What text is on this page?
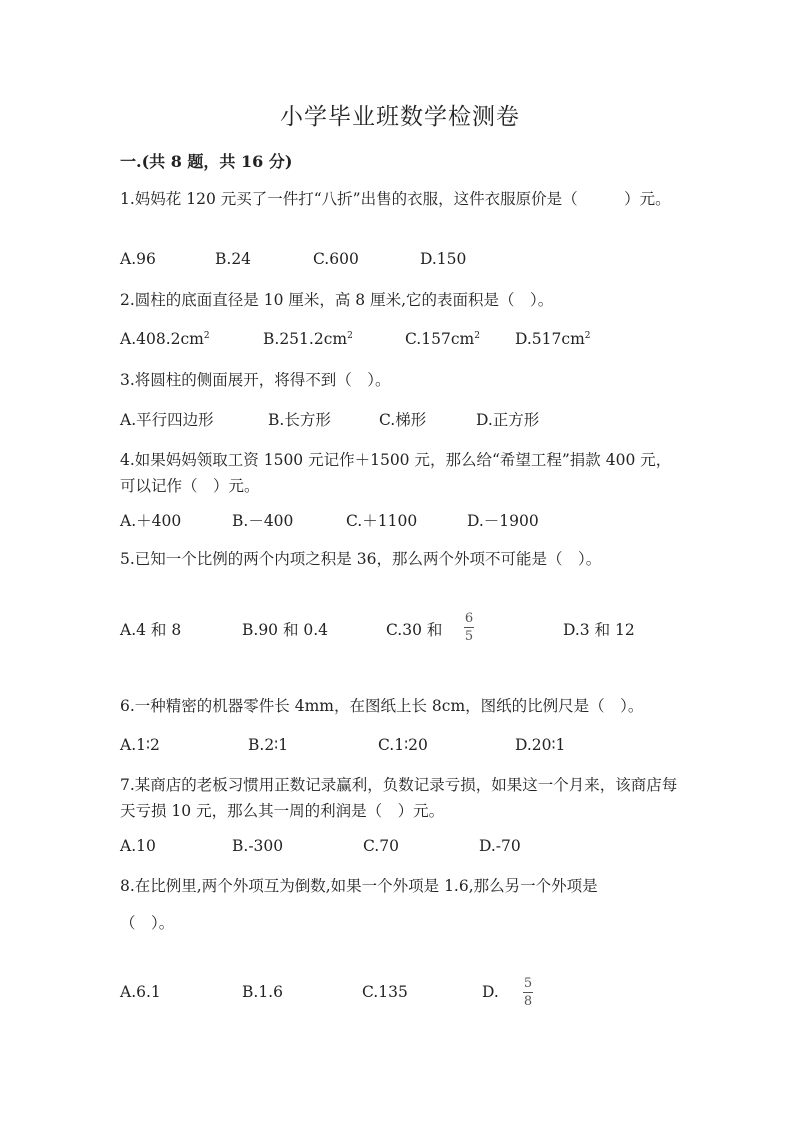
小学毕业班数学检测卷
一.(共 8 题，共 16 分)
1.妈妈花 120 元买了一件打“八折”出售的衣服，这件衣服原价是（　　　）元。
A.96	B.24	C.600	D.150
2.圆柱的底面直径是 10 厘米，高 8 厘米,它的表面积是（　）。
$A.408.2cm^2$	$B.251.2cm^2$	$C.157cm^2$ $D.517cm^2$
3.将圆柱的侧面展开，将得不到（　）。
A.平行四边形	B.长方形	C.梯形	D.正方形
4.如果妈妈领取工资 1500 元记作＋1500 元，那么给“希望工程”捐款 400 元，可以记作（　）元。
A.＋400	B.－400	C.＋1100	D.－1900
5.已知一个比例的两个内项之积是 36，那么两个外项不可能是（　）。
A.4 和 8	B.90 和 0.4	C.30 和
6
5	D.3 和 12
6.一种精密的机器零件长 4mm，在图纸上长 8cm，图纸的比例尺是（　）。
A.1∶2	B.2∶1	C.1∶20	D.20∶1
7.某商店的老板习惯用正数记录赢利，负数记录亏损，如果这一个月来，该商店每天亏损 10 元，那么其一周的利润是（　）元。
A.10	B.-300	C.70	D.-70
8.在比例里,两个外项互为倒数,如果一个外项是 1.6,那么另一个外项是
（　）。
A.6.1	B.1.6	C.135	D. 5
8
